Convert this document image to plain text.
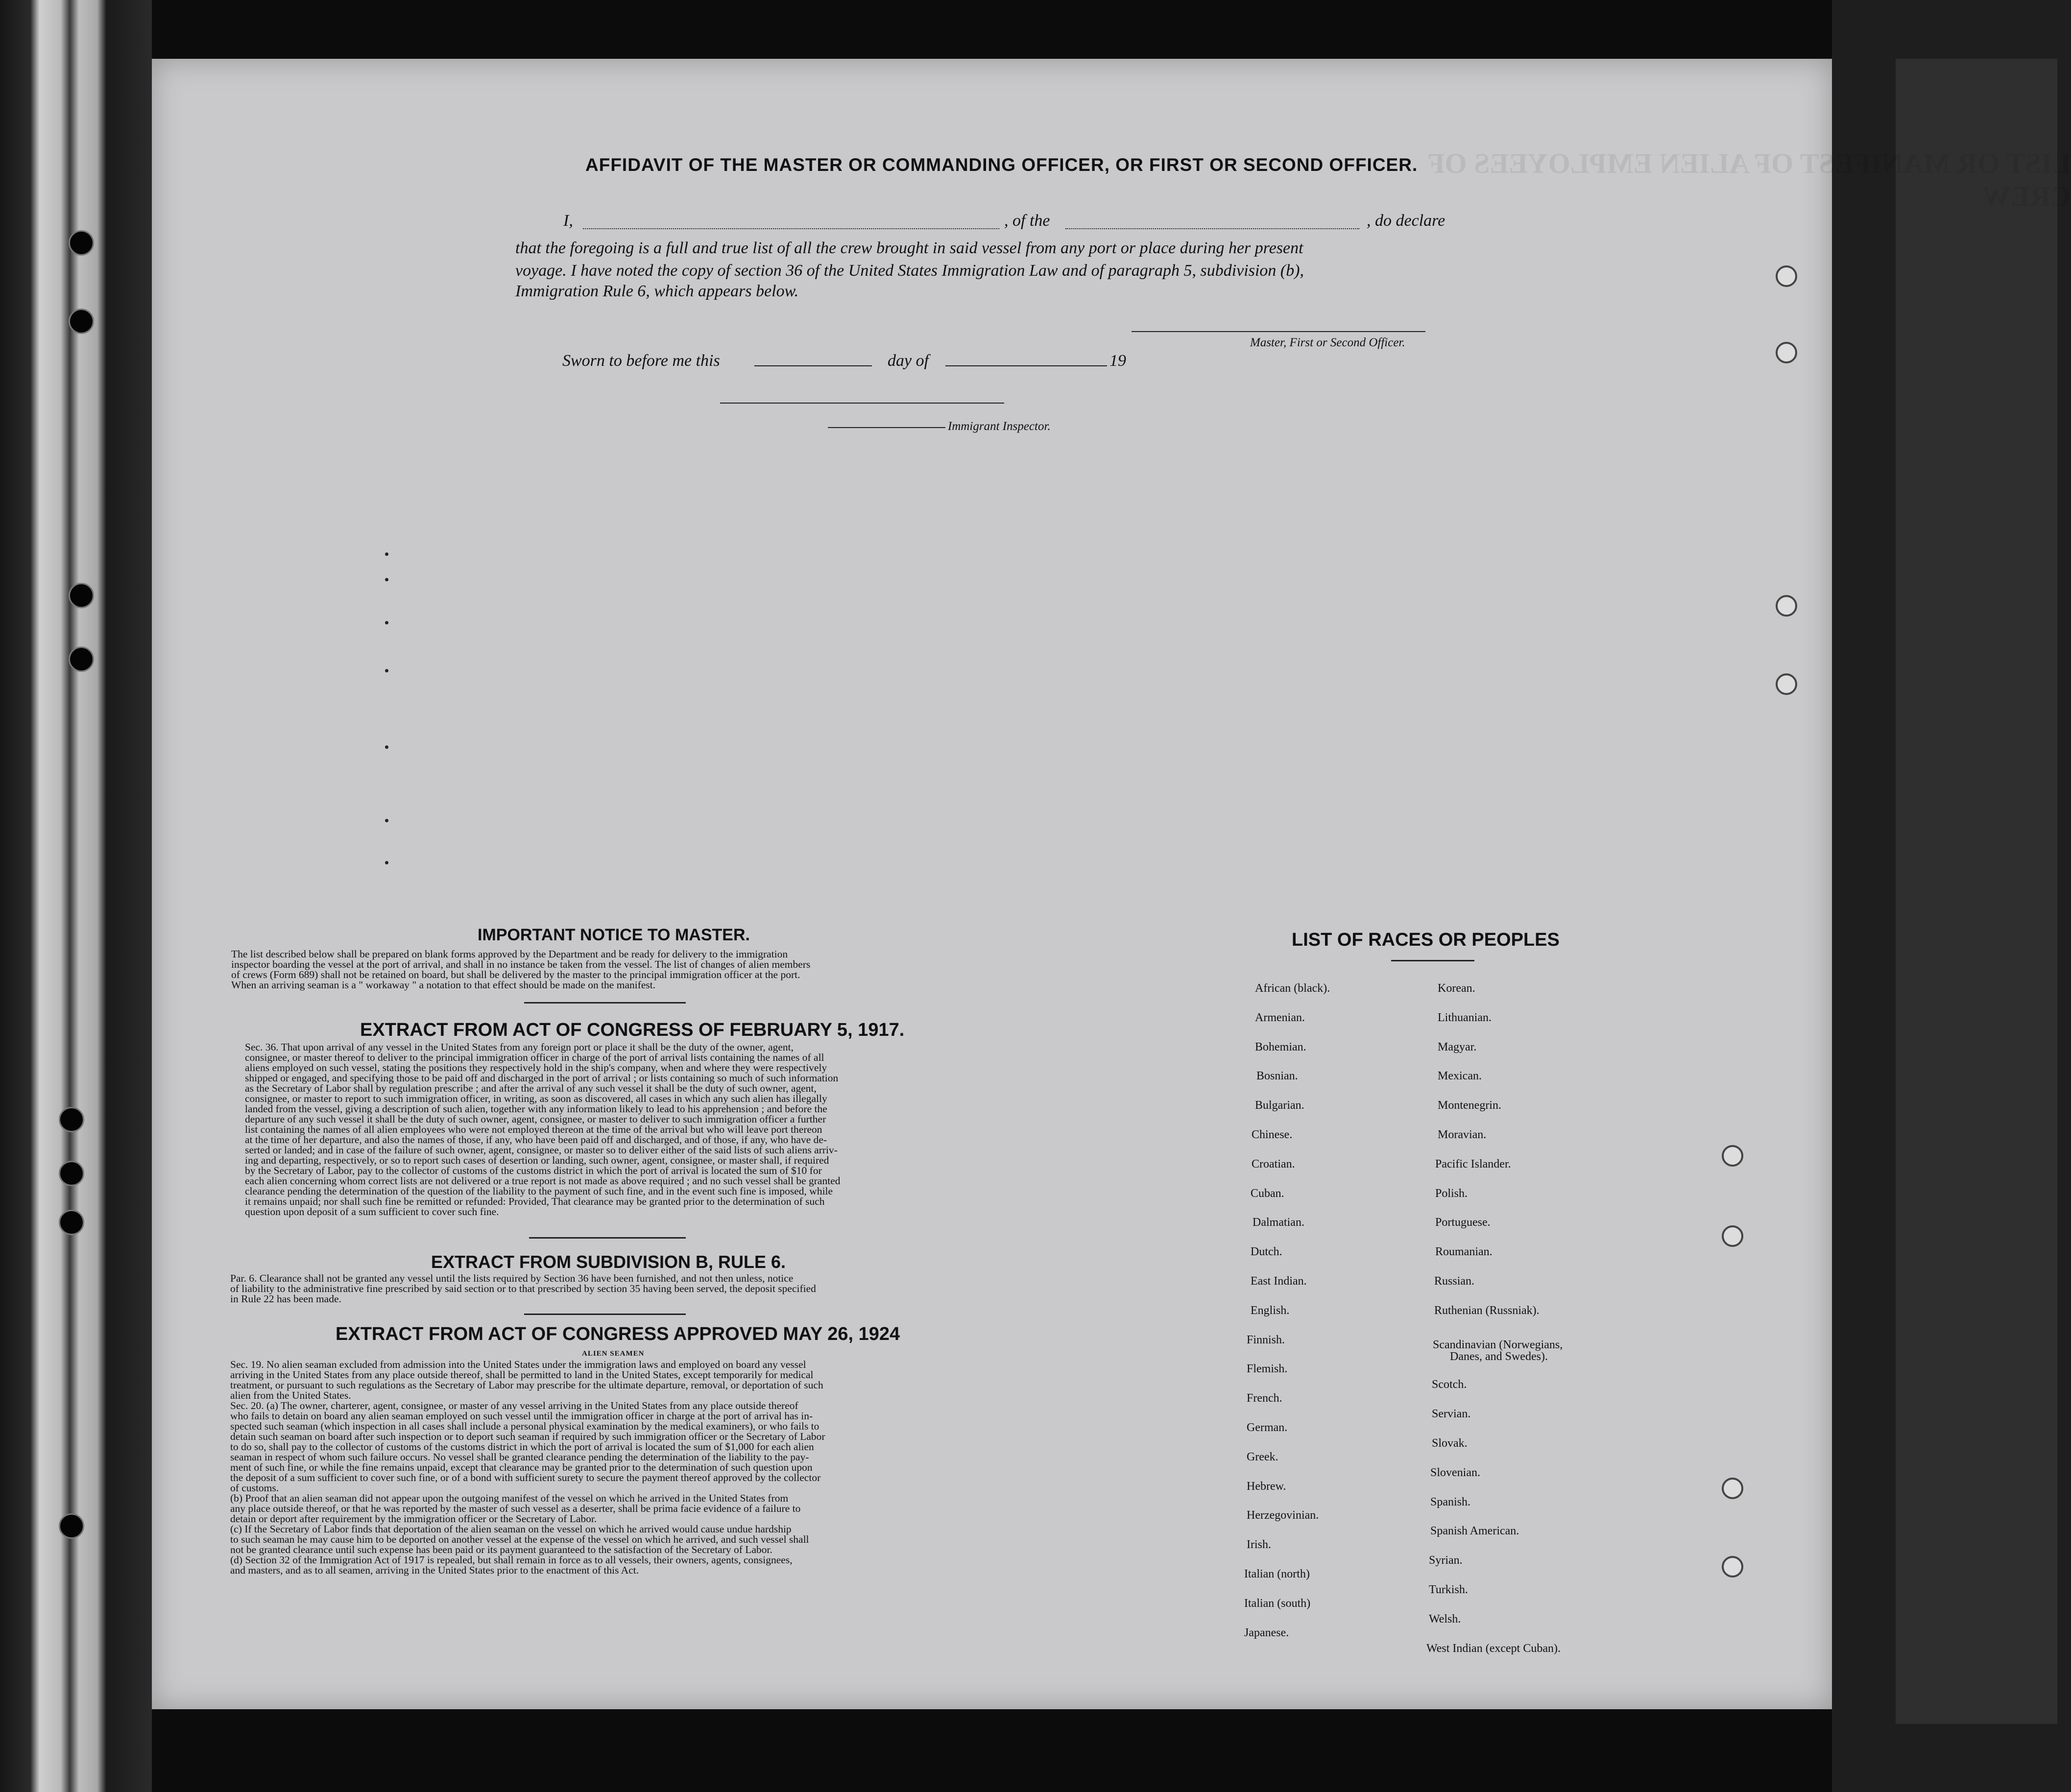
LIST OR MANIFEST OF ALIEN EMPLOYEES OF CREW
AFFIDAVIT OF THE MASTER OR COMMANDING OFFICER, OR FIRST OR SECOND OFFICER.
I,	, of the	, do declare
that the foregoing is a full and true list of all the crew brought in said vessel from any port or place during her present
voyage. I have noted the copy of section 36 of the United States Immigration Law and of paragraph 5, subdivision (b),
Immigration Rule 6, which appears below.
Master, First or Second Officer.
Sworn to before me this	day of	19
Immigrant Inspector.
IMPORTANT NOTICE TO MASTER.

The list described below shall be prepared on blank forms approved by the Department and be ready for delivery to the immigration

inspector boarding the vessel at the port of arrival, and shall in no instance be taken from the vessel. The list of changes of alien members

of crews (Form 689) shall not be retained on board, but shall be delivered by the master to the principal immigration officer at the port.

When an arriving seaman is a " workaway " a notation to that effect should be made on the manifest.

EXTRACT FROM ACT OF CONGRESS OF FEBRUARY 5, 1917.

Sec. 36. That upon arrival of any vessel in the United States from any foreign port or place it shall be the duty of the owner, agent,

consignee, or master thereof to deliver to the principal immigration officer in charge of the port of arrival lists containing the names of all

aliens employed on such vessel, stating the positions they respectively hold in the ship's company, when and where they were respectively

shipped or engaged, and specifying those to be paid off and discharged in the port of arrival ; or lists containing so much of such information

as the Secretary of Labor shall by regulation prescribe ; and after the arrival of any such vessel it shall be the duty of such owner, agent,

consignee, or master to report to such immigration officer, in writing, as soon as discovered, all cases in which any such alien has illegally

landed from the vessel, giving a description of such alien, together with any information likely to lead to his apprehension ; and before the

departure of any such vessel it shall be the duty of such owner, agent, consignee, or master to deliver to such immigration officer a further

list containing the names of all alien employees who were not employed thereon at the time of the arrival but who will leave port thereon

at the time of her departure, and also the names of those, if any, who have been paid off and discharged, and of those, if any, who have de-

serted or landed; and in case of the failure of such owner, agent, consignee, or master so to deliver either of the said lists of such aliens arriv-

ing and departing, respectively, or so to report such cases of desertion or landing, such owner, agent, consignee, or master shall, if required

by the Secretary of Labor, pay to the collector of customs of the customs district in which the port of arrival is located the sum of $10 for

each alien concerning whom correct lists are not delivered or a true report is not made as above required ; and no such vessel shall be granted

clearance pending the determination of the question of the liability to the payment of such fine, and in the event such fine is imposed, while

it remains unpaid; nor shall such fine be remitted or refunded: Provided, That clearance may be granted prior to the determination of such

question upon deposit of a sum sufficient to cover such fine.

EXTRACT FROM SUBDIVISION B, RULE 6.

Par. 6. Clearance shall not be granted any vessel until the lists required by Section 36 have been furnished, and not then unless, notice

of liability to the administrative fine prescribed by said section or to that prescribed by section 35 having been served, the deposit specified

in Rule 22 has been made.

EXTRACT FROM ACT OF CONGRESS APPROVED MAY 26, 1924
ALIEN SEAMEN

Sec. 19. No alien seaman excluded from admission into the United States under the immigration laws and employed on board any vessel

arriving in the United States from any place outside thereof, shall be permitted to land in the United States, except temporarily for medical

treatment, or pursuant to such regulations as the Secretary of Labor may prescribe for the ultimate departure, removal, or deportation of such

alien from the United States.

Sec. 20. (a) The owner, charterer, agent, consignee, or master of any vessel arriving in the United States from any place outside thereof

who fails to detain on board any alien seaman employed on such vessel until the immigration officer in charge at the port of arrival has in-

spected such seaman (which inspection in all cases shall include a personal physical examination by the medical examiners), or who fails to

detain such seaman on board after such inspection or to deport such seaman if required by such immigration officer or the Secretary of Labor

to do so, shall pay to the collector of customs of the customs district in which the port of arrival is located the sum of $1,000 for each alien

seaman in respect of whom such failure occurs. No vessel shall be granted clearance pending the determination of the liability to the pay-

ment of such fine, or while the fine remains unpaid, except that clearance may be granted prior to the determination of such question upon

the deposit of a sum sufficient to cover such fine, or of a bond with sufficient surety to secure the payment thereof approved by the collector

of customs.

(b) Proof that an alien seaman did not appear upon the outgoing manifest of the vessel on which he arrived in the United States from

any place outside thereof, or that he was reported by the master of such vessel as a deserter, shall be prima facie evidence of a failure to

detain or deport after requirement by the immigration officer or the Secretary of Labor.

(c) If the Secretary of Labor finds that deportation of the alien seaman on the vessel on which he arrived would cause undue hardship

to such seaman he may cause him to be deported on another vessel at the expense of the vessel on which he arrived, and such vessel shall

not be granted clearance until such expense has been paid or its payment guaranteed to the satisfaction of the Secretary of Labor.

(d) Section 32 of the Immigration Act of 1917 is repealed, but shall remain in force as to all vessels, their owners, agents, consignees,

and masters, and as to all seamen, arriving in the United States prior to the enactment of this Act.

LIST OF RACES OR PEOPLES
African (black).
Armenian.
Bohemian.
Bosnian.
Bulgarian.
Chinese.
Croatian.
Cuban.
Dalmatian.
Dutch.
East Indian.
English.
Finnish.
Flemish.
French.
German.
Greek.
Hebrew.
Herzegovinian.
Irish.
Italian (north)
Italian (south)
Japanese.
Korean.
Lithuanian.
Magyar.
Mexican.
Montenegrin.
Moravian.
Pacific Islander.
Polish.
Portuguese.
Roumanian.
Russian.
Ruthenian (Russniak).
Scandinavian (Norwegians,
Scotch.
Servian.
Slovak.
Slovenian.
Spanish.
Spanish American.
Syrian.
Turkish.
Welsh.
West Indian (except Cuban).
Danes, and Swedes).
